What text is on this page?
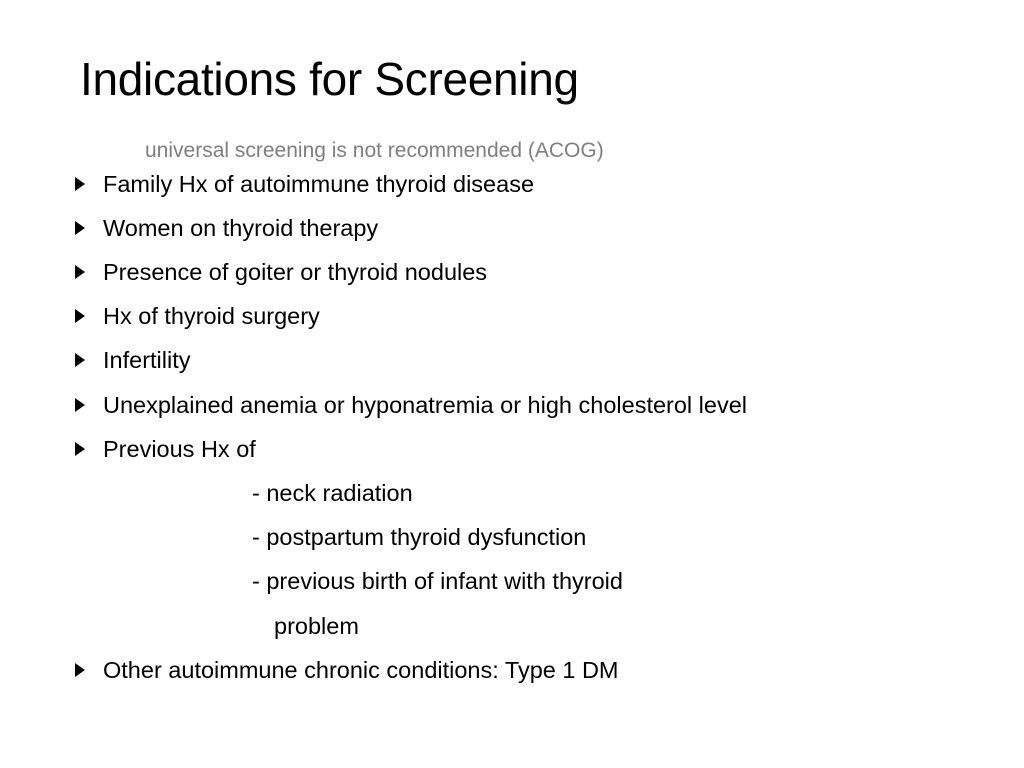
Indications for Screening
universal screening is not recommended (ACOG)
Family Hx of autoimmune thyroid disease
Women on thyroid therapy
Presence of goiter or thyroid nodules
Hx of thyroid surgery
Infertility
Unexplained anemia or hyponatremia or high cholesterol level
Previous Hx of
- neck radiation
- postpartum thyroid dysfunction
- previous birth of infant with thyroid
problem
Other autoimmune chronic conditions: Type 1 DM
